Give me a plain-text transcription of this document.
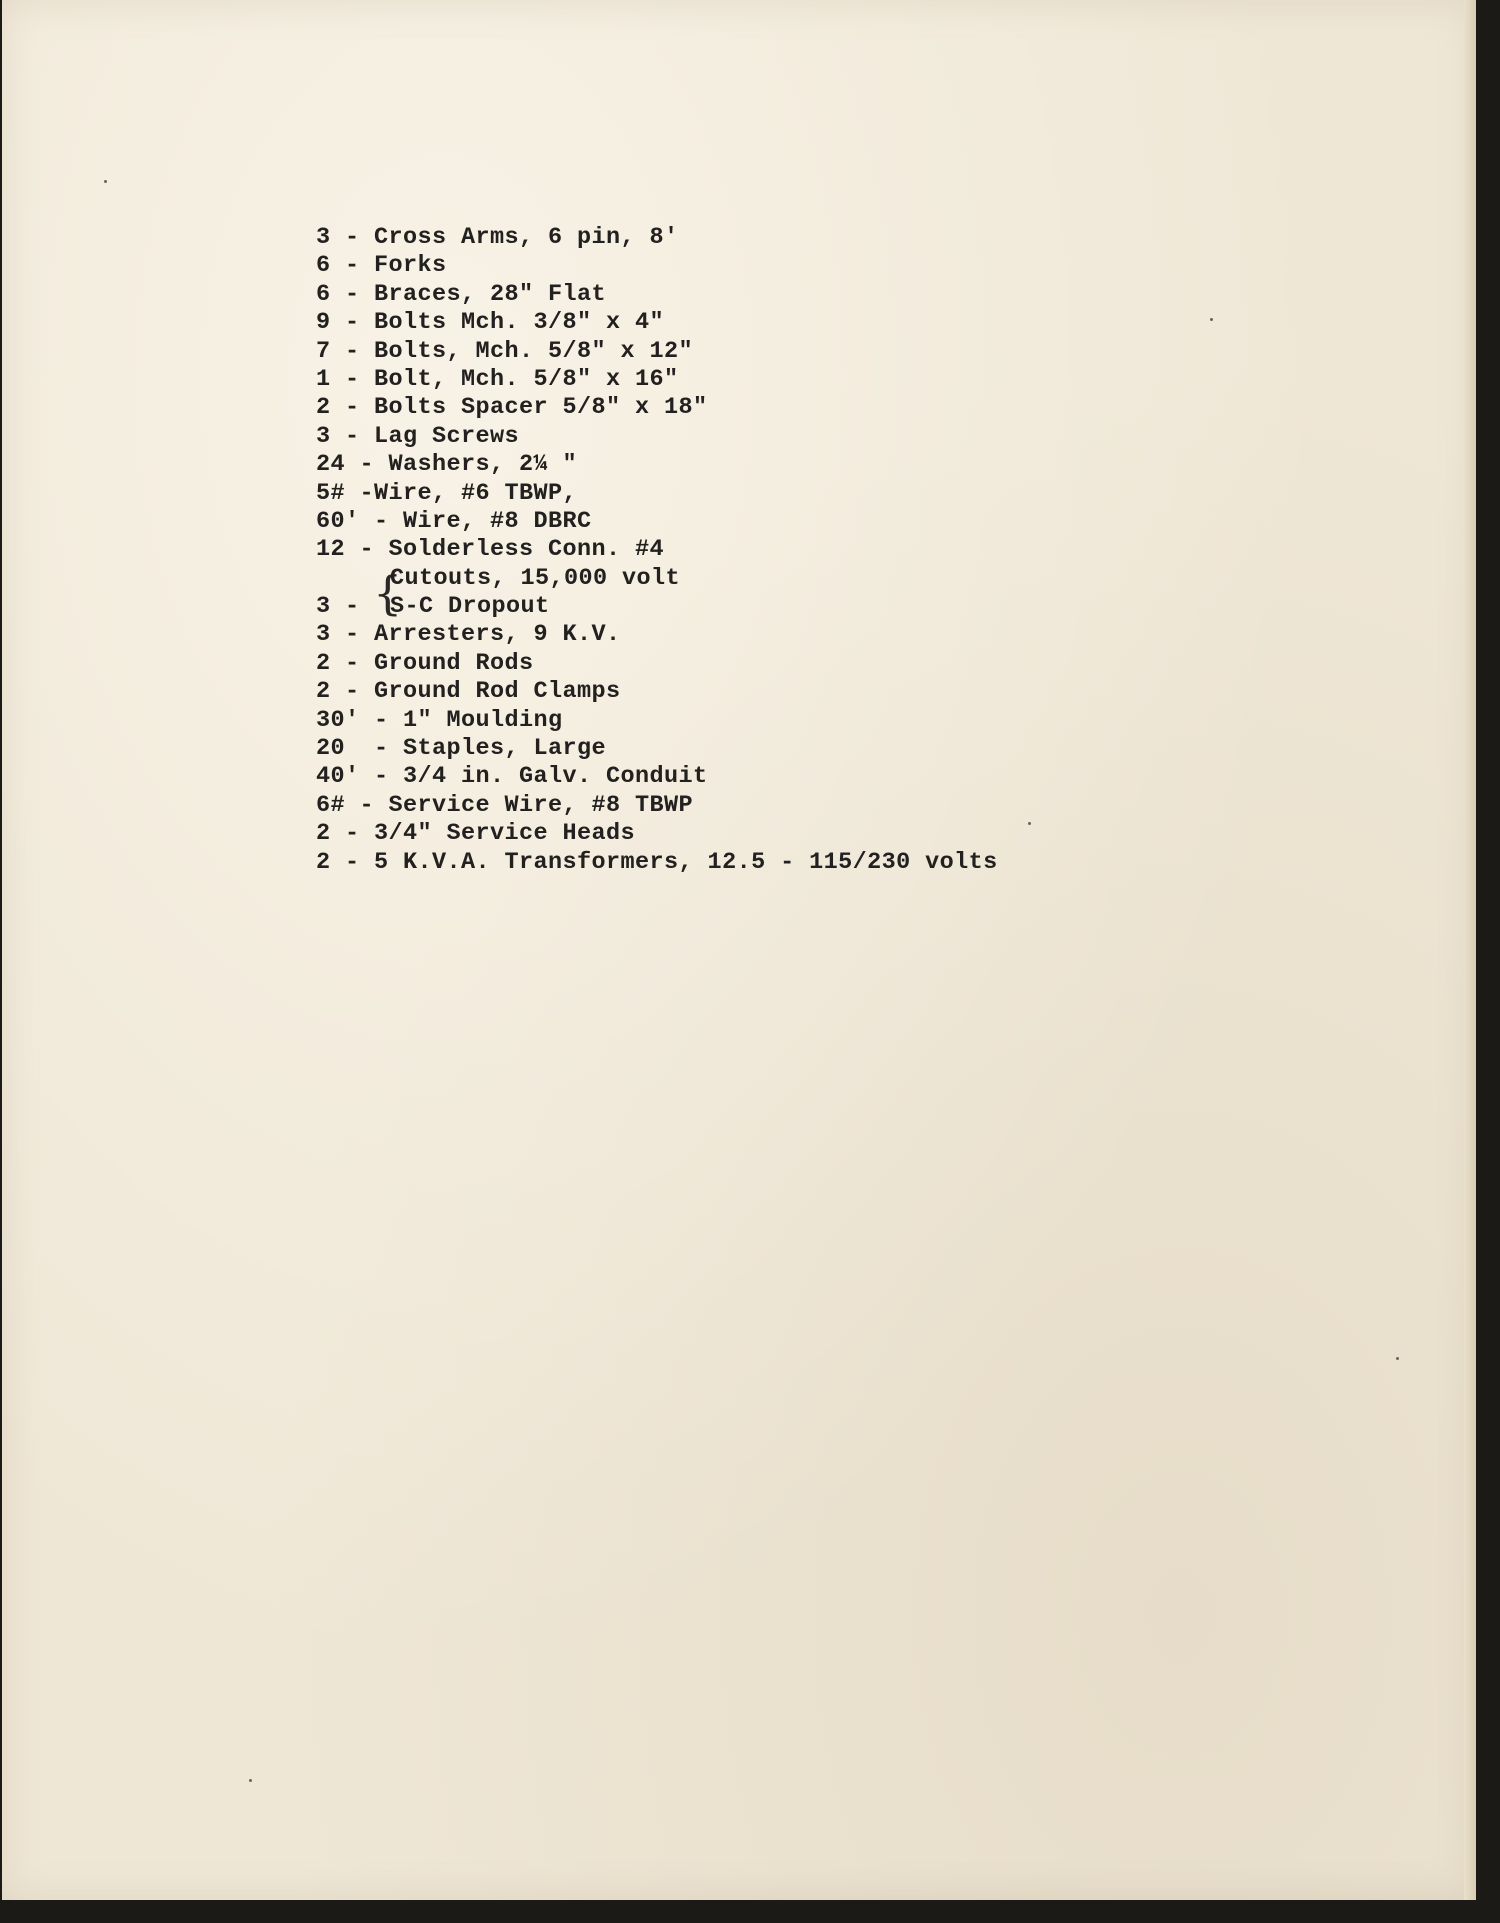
3 - Cross Arms, 6 pin, 8'
6 - Forks
6 - Braces, 28" Flat
9 - Bolts Mch. 3/8" x 4"
7 - Bolts, Mch. 5/8" x 12"
1 - Bolt, Mch. 5/8" x 16"
2 - Bolts Spacer 5/8" x 18"
3 - Lag Screws
24 - Washers, 2¼ "
5# -Wire, #6 TBWP,
60' - Wire, #8 DBRC
12 - Solderless Conn. #4
3 - {
Cutouts, 15,000 volt
S-C Dropout
3 - Arresters, 9 K.V.
2 - Ground Rods
2 - Ground Rod Clamps
30' - 1" Moulding
20  - Staples, Large
40' - 3/4 in. Galv. Conduit
6# - Service Wire, #8 TBWP
2 - 3/4" Service Heads
2 - 5 K.V.A. Transformers, 12.5 - 115/230 volts
